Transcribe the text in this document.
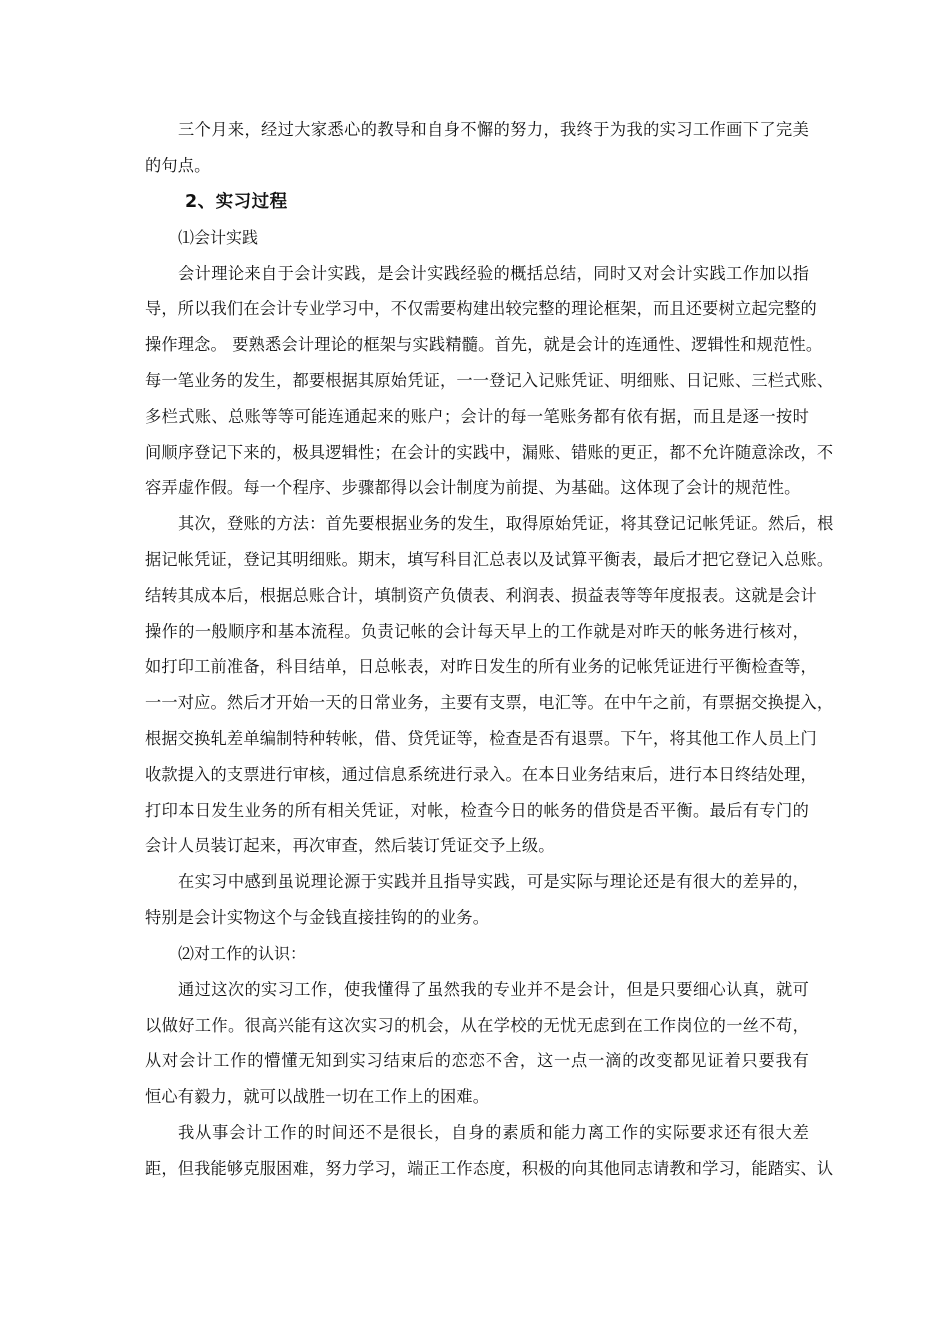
三个月来，经过大家悉心的教导和自身不懈的努力，我终于为我的实习工作画下了完美
的句点。
2、实习过程
⑴会计实践
会计理论来自于会计实践，是会计实践经验的概括总结，同时又对会计实践工作加以指
导，所以我们在会计专业学习中，不仅需要构建出较完整的理论框架，而且还要树立起完整的
操作理念。 要熟悉会计理论的框架与实践精髓。首先，就是会计的连通性、逻辑性和规范性。
每一笔业务的发生，都要根据其原始凭证，一一登记入记账凭证、明细账、日记账、三栏式账、
多栏式账、总账等等可能连通起来的账户；会计的每一笔账务都有依有据，而且是逐一按时
间顺序登记下来的，极具逻辑性；在会计的实践中，漏账、错账的更正，都不允许随意涂改，不
容弄虚作假。每一个程序、步骤都得以会计制度为前提、为基础。这体现了会计的规范性。
其次，登账的方法：首先要根据业务的发生，取得原始凭证，将其登记记帐凭证。然后，根
据记帐凭证，登记其明细账。期末，填写科目汇总表以及试算平衡表，最后才把它登记入总账。
结转其成本后，根据总账合计，填制资产负债表、利润表、损益表等等年度报表。这就是会计
操作的一般顺序和基本流程。负责记帐的会计每天早上的工作就是对昨天的帐务进行核对，
如打印工前准备，科目结单，日总帐表，对昨日发生的所有业务的记帐凭证进行平衡检查等，
一一对应。然后才开始一天的日常业务，主要有支票，电汇等。在中午之前，有票据交换提入，
根据交换轧差单编制特种转帐，借、贷凭证等，检查是否有退票。下午，将其他工作人员上门
收款提入的支票进行审核，通过信息系统进行录入。在本日业务结束后，进行本日终结处理，
打印本日发生业务的所有相关凭证，对帐，检查今日的帐务的借贷是否平衡。最后有专门的
会计人员装订起来，再次审查，然后装订凭证交予上级。
在实习中感到虽说理论源于实践并且指导实践，可是实际与理论还是有很大的差异的，
特别是会计实物这个与金钱直接挂钩的的业务。
⑵对工作的认识：
通过这次的实习工作，使我懂得了虽然我的专业并不是会计，但是只要细心认真，就可
以做好工作。很高兴能有这次实习的机会，从在学校的无忧无虑到在工作岗位的一丝不苟，
从对会计工作的懵懂无知到实习结束后的恋恋不舍，这一点一滴的改变都见证着只要我有
恒心有毅力，就可以战胜一切在工作上的困难。
我从事会计工作的时间还不是很长，自身的素质和能力离工作的实际要求还有很大差
距，但我能够克服困难，努力学习，端正工作态度，积极的向其他同志请教和学习，能踏实、认
